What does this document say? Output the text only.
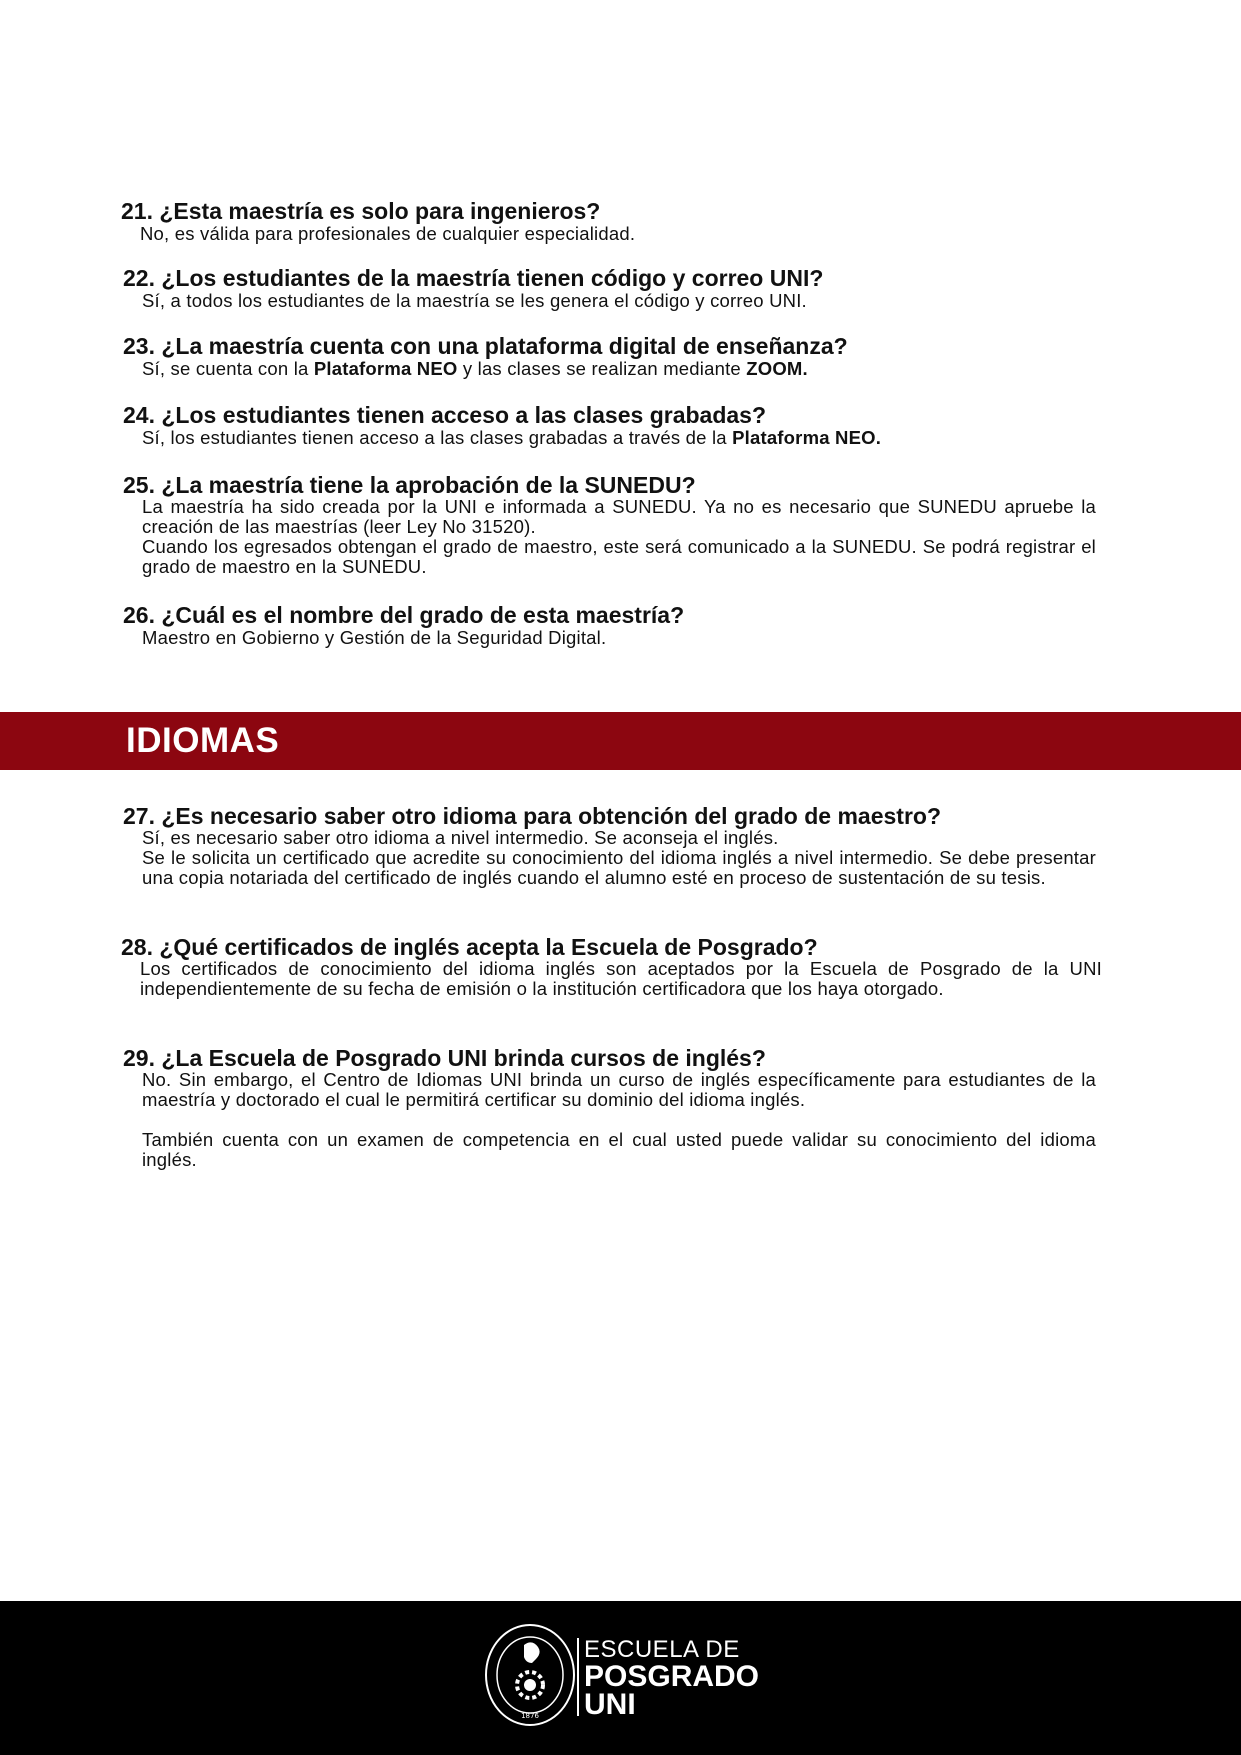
21. ¿Esta maestría es solo para ingenieros?

No, es válida para profesionales de cualquier especialidad.

22. ¿Los estudiantes de la maestría tienen código y correo UNI?

Sí, a todos los estudiantes de la maestría se les genera el código y correo UNI.

23. ¿La maestría cuenta con una plataforma digital de enseñanza?

Sí, se cuenta con la Plataforma NEO y las clases se realizan mediante ZOOM.

24. ¿Los estudiantes tienen acceso a las clases grabadas?

Sí, los estudiantes tienen acceso a las clases grabadas a través de la Plataforma NEO.

25. ¿La maestría tiene la aprobación de la SUNEDU?

La maestría ha sido creada por la UNI e informada a SUNEDU. Ya no es necesario que SUNEDU apruebe la creación de las maestrías (leer Ley No 31520).

Cuando los egresados obtengan el grado de maestro, este será comunicado a la SUNEDU. Se podrá registrar el grado de maestro en la SUNEDU.

26. ¿Cuál es el nombre del grado de esta maestría?

Maestro en Gobierno y Gestión de la Seguridad Digital.

IDIOMAS
27. ¿Es necesario saber otro idioma para obtención del grado de maestro?

Sí, es necesario saber otro idioma a nivel intermedio. Se aconseja el inglés.

Se le solicita un certificado que acredite su conocimiento del idioma inglés a nivel intermedio. Se debe presentar una copia notariada del certificado de inglés cuando el alumno esté en proceso de sustentación de su tesis.

28. ¿Qué certificados de inglés acepta la Escuela de Posgrado?

Los certificados de conocimiento del idioma inglés son aceptados por la Escuela de Posgrado de la UNI independientemente de su fecha de emisión o la institución certificadora que los haya otorgado.

29. ¿La Escuela de Posgrado UNI brinda cursos de inglés?

No. Sin embargo, el Centro de Idiomas UNI brinda un curso de inglés específicamente para estudiantes de la maestría y doctorado el cual le permitirá certificar su dominio del idioma inglés.

También cuenta con un examen de competencia en el cual usted puede validar su conocimiento del idioma inglés.

1876
ESCUELA DE
POSGRADO
UNI
